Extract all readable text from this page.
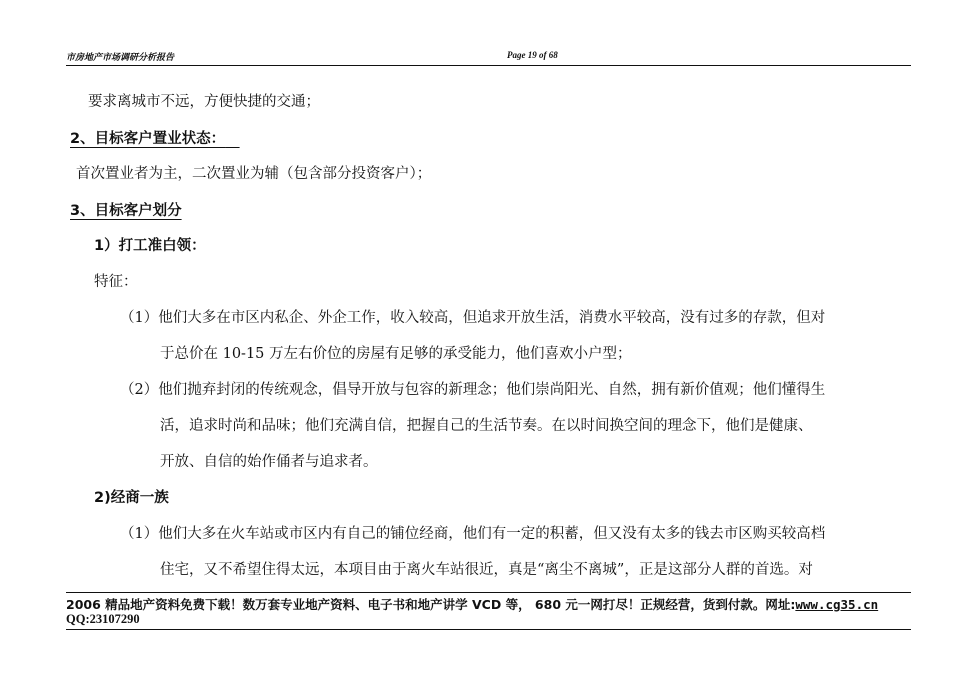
市房地产市场调研分析报告	Page 19 of 68
要求离城市不远，方便快捷的交通；
2、目标客户置业状态： 
首次置业者为主，二次置业为辅（包含部分投资客户）；
3、目标客户划分
1）打工准白领：
特征：
（1）他们大多在市区内私企、外企工作，收入较高，但追求开放生活，消费水平较高，没有过多的存款，但对
于总价在 10-15 万左右价位的房屋有足够的承受能力，他们喜欢小户型；
（2）他们抛弃封闭的传统观念，倡导开放与包容的新理念；他们崇尚阳光、自然，拥有新价值观；他们懂得生
活，追求时尚和品味；他们充满自信，把握自己的生活节奏。在以时间换空间的理念下，他们是健康、
开放、自信的始作俑者与追求者。
2)经商一族
（1）他们大多在火车站或市区内有自己的铺位经商，他们有一定的积蓄，但又没有太多的钱去市区购买较高档
住宅，又不希望住得太远，本项目由于离火车站很近，真是“离尘不离城”，正是这部分人群的首选。对
2006 精品地产资料免费下载！数万套专业地产资料、电子书和地产讲学 VCD 等， 680 元一网打尽！正规经营，货到付款。网址:www.cg35.cn
QQ:23107290
